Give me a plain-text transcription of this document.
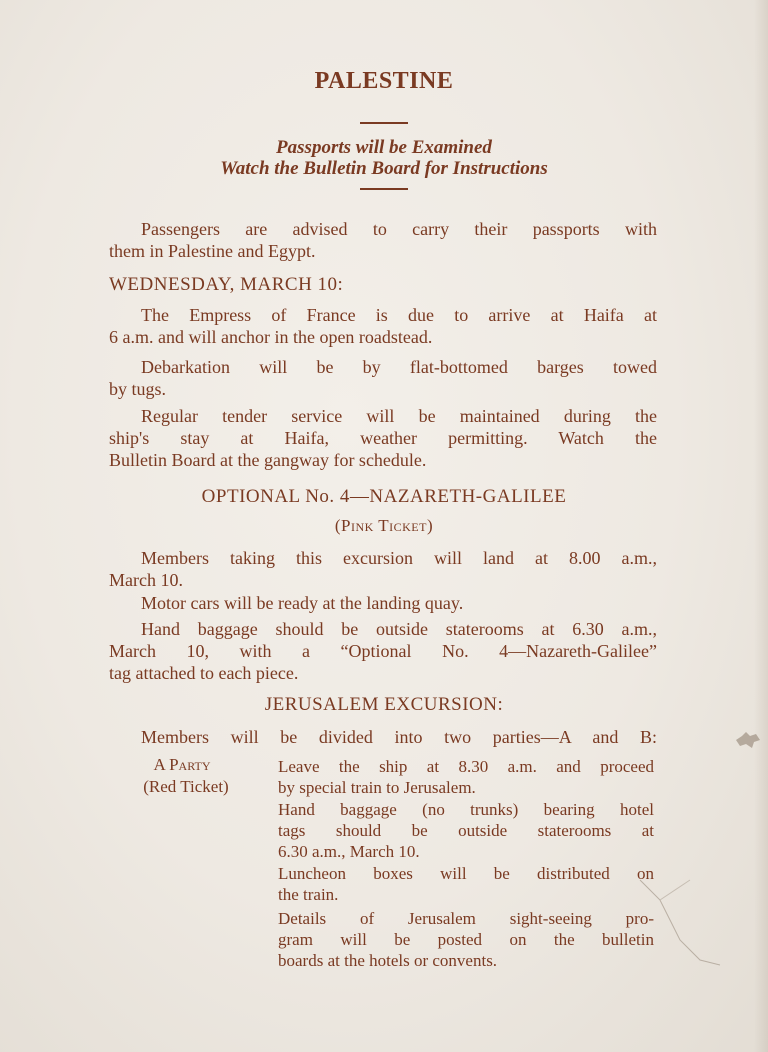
PALESTINE
Passports will be Examined
Watch the Bulletin Board for Instructions
Passengers are advised to carry their passports with
them in Palestine and Egypt.
WEDNESDAY, MARCH 10:
The Empress of France is due to arrive at Haifa at
6 a.m. and will anchor in the open roadstead.
Debarkation will be by flat-bottomed barges towed
by tugs.
Regular tender service will be maintained during the
ship's stay at Haifa, weather permitting. Watch the
Bulletin Board at the gangway for schedule.
OPTIONAL No. 4—NAZARETH-GALILEE
(Pink Ticket)
Members taking this excursion will land at 8.00 a.m.,
March 10.
Motor cars will be ready at the landing quay.
Hand baggage should be outside staterooms at 6.30 a.m.,
March 10, with a “Optional No. 4—Nazareth-Galilee”
tag attached to each piece.
JERUSALEM EXCURSION:
Members will be divided into two parties—A and B:
A Party
(Red Ticket)
Leave the ship at 8.30 a.m. and proceed
by special train to Jerusalem.
Hand baggage (no trunks) bearing hotel
tags should be outside staterooms at
6.30 a.m., March 10.
Luncheon boxes will be distributed on
the train.
Details of Jerusalem sight-seeing pro-
gram will be posted on the bulletin
boards at the hotels or convents.
